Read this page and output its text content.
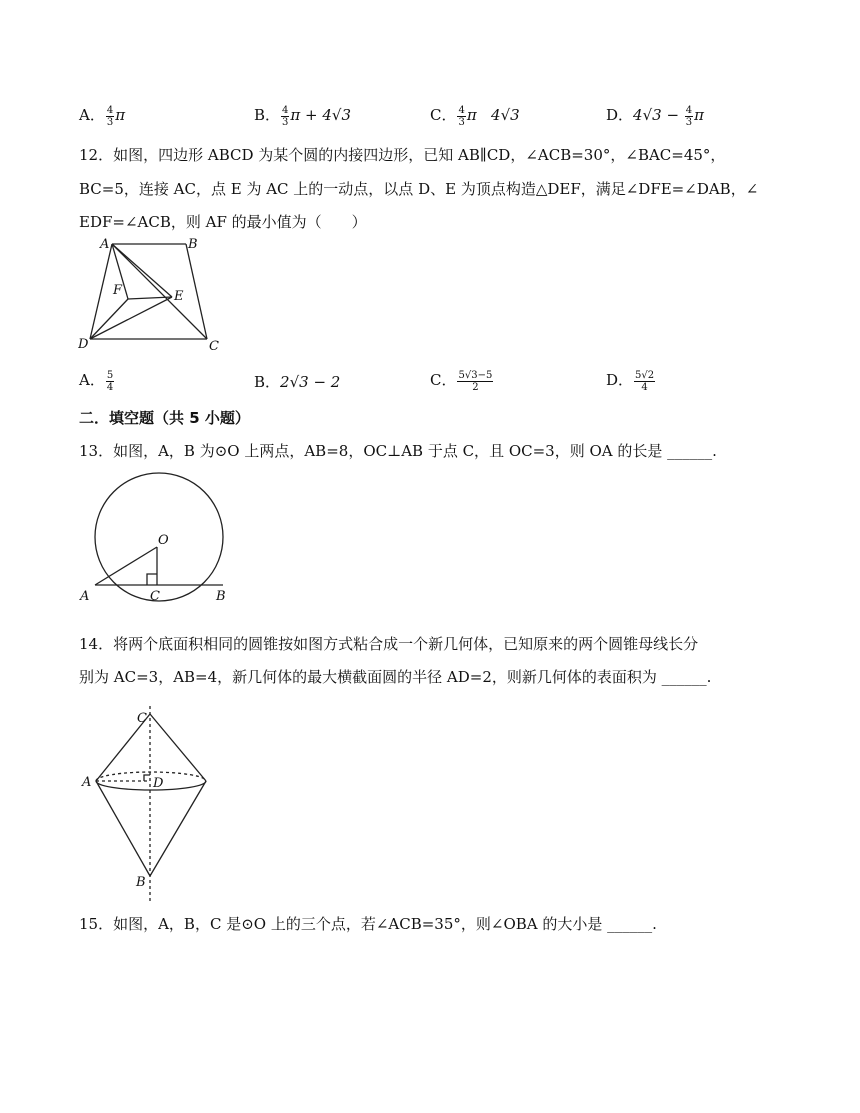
A． $\frac{4}{3}$ π	B． $\frac{4}{3}$ π + 4√3	C． $\frac{4}{3}$ π   4√3	D．$4√3 - \frac{4}{3}$ π
12．如图，四边形 ABCD 为某个圆的内接四边形，已知 AB∥CD，∠ACB=30°，∠BAC=45°，
BC=5，连接 AC，点 E 为 AC 上的一动点，以点 D、E 为顶点构造△DEF，满足∠DFE=∠DAB，∠
EDF=∠ACB，则 AF 的最小值为（　　）
A	B
C
D
E
F
A． $\frac{5}{4}$	B．2√3 − 2	C． $\frac{5√3-5}{2}$	D． $\frac{5√2}{4}$
二．填空题（共 5 小题）
13．如图，A，B 为⊙O 上两点，AB=8，OC⊥AB 于点 C，且 OC=3，则 OA 的长是 ______.
O
A	C	B
14．将两个底面积相同的圆锥按如图方式粘合成一个新几何体，已知原来的两个圆锥母线长分
别为 AC=3，AB=4，新几何体的最大横截面圆的半径 AD=2，则新几何体的表面积为 ______.
C
A	D
B
15．如图，A，B，C 是⊙O 上的三个点，若∠ACB=35°，则∠OBA 的大小是 ______.
